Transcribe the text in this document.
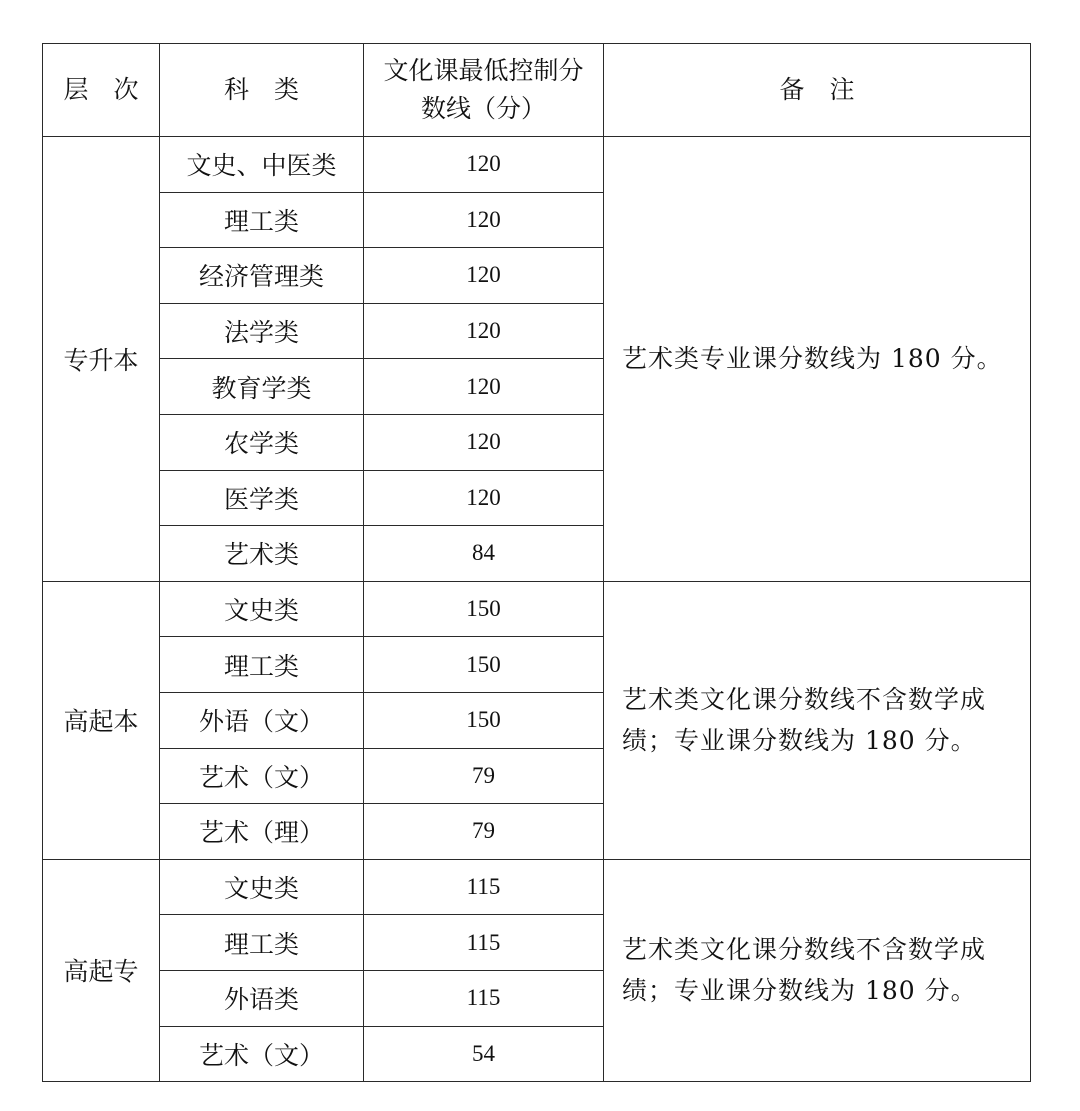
层　次	科　类	文化课最低控制分
数线（分）	备　注
专升本	文史、中医类	120	艺术类专业课分数线为 180 分。
	理工类	120	
	经济管理类	120	
	法学类	120	
	教育学类	120	
	农学类	120	
	医学类	120	
	艺术类	84	
高起本	文史类	150	艺术类文化课分数线不含数学成绩；专业课分数线为 180 分。
	理工类	150	
	外语（文）	150	
	艺术（文）	79	
	艺术（理）	79	
高起专	文史类	115	艺术类文化课分数线不含数学成绩；专业课分数线为 180 分。
	理工类	115	
	外语类	115	
	艺术（文）	54	
